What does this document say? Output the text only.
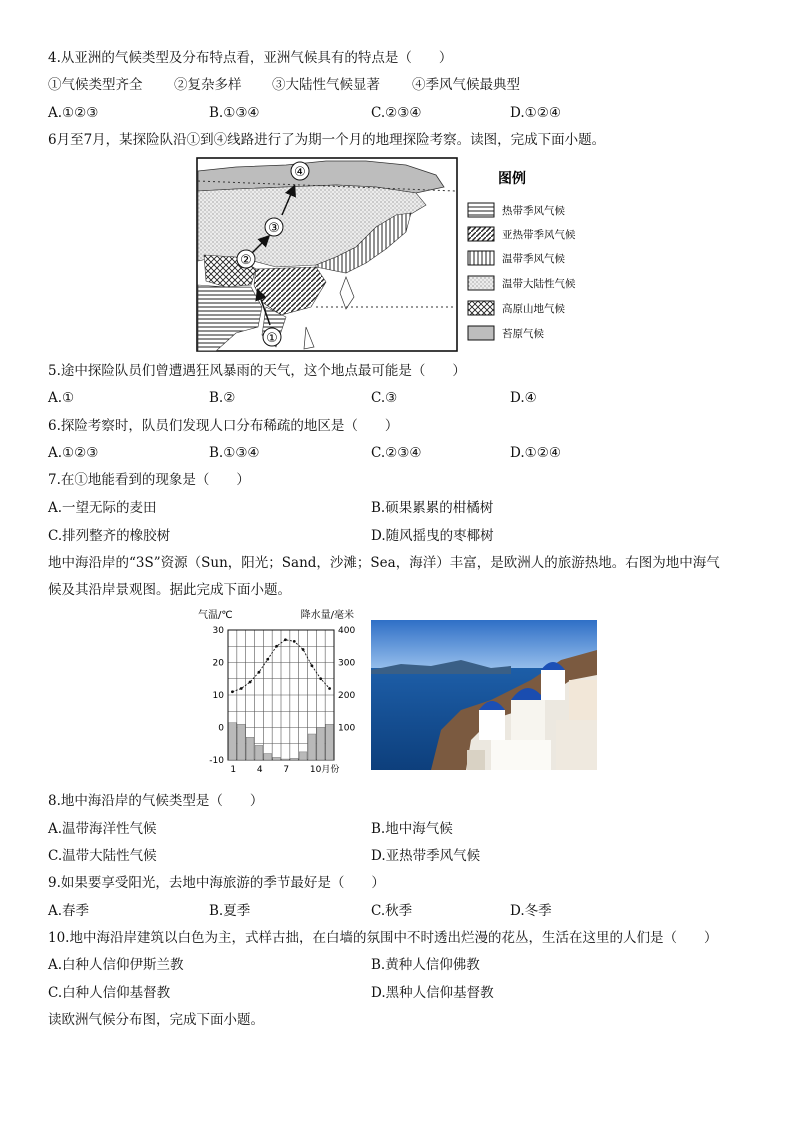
4.从亚洲的气候类型及分布特点看，亚洲气候具有的特点是（　　）
①气候类型齐全 ②复杂多样 ③大陆性气候显著 ④季风气候最典型
A.①②③	B.①③④	C.②③④	D.①②④
6月至7月，某探险队沿①到④线路进行了为期一个月的地理探险考察。读图，完成下面小题。
①
②
③
④	图例
热带季风气候
亚热带季风气候
温带季风气候
温带大陆性气候
高原山地气候
苔原气候
5.途中探险队员们曾遭遇狂风暴雨的天气，这个地点最可能是（　　）
A.①	B.②	C.③	D.④
6.探险考察时，队员们发现人口分布稀疏的地区是（　　）
A.①②③	B.①③④	C.②③④	D.①②④
7.在①地能看到的现象是（　　）
A.一望无际的麦田	B.硕果累累的柑橘树
C.排列整齐的橡胶树	D.随风摇曳的枣椰树
地中海沿岸的“3S”资源（Sun，阳光；Sand，沙滩；Sea，海洋）丰富，是欧洲人的旅游热地。右图为地中海气
候及其沿岸景观图。据此完成下面小题。
气温/℃	降水量/毫米
30
20
10
0
-10
400
300
200
100
1 4 7 10月份
8.地中海沿岸的气候类型是（　　）
A.温带海洋性气候	B.地中海气候
C.温带大陆性气候	D.亚热带季风气候
9.如果要享受阳光，去地中海旅游的季节最好是（　　）
A.春季	B.夏季	C.秋季	D.冬季
10.地中海沿岸建筑以白色为主，式样古拙，在白墙的氛围中不时透出烂漫的花丛，生活在这里的人们是（　　）
A.白种人信仰伊斯兰教	B.黄种人信仰佛教
C.白种人信仰基督教	D.黑种人信仰基督教
读欧洲气候分布图，完成下面小题。
